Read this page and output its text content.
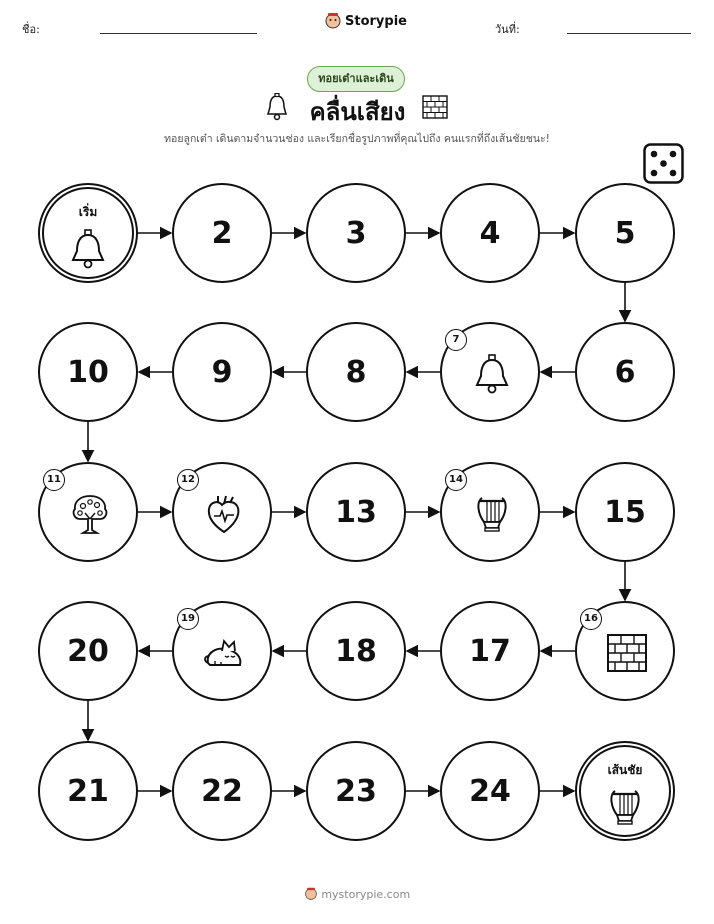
ชื่อ:
Storypie
วันที่:
ทอยเต๋าและเดิน
คลื่นเสียง
ทอยลูกเต๋า เดินตามจำนวนช่อง และเรียกชื่อรูปภาพที่คุณไปถึง คนแรกที่ถึงเส้นชัยชนะ!
เริ่ม
2	3	4	5
6
7
8
9
10
11	12
13
14
15
16
17
18
19
20
21	22	23	24
เส้นชัย
mystorypie.com
